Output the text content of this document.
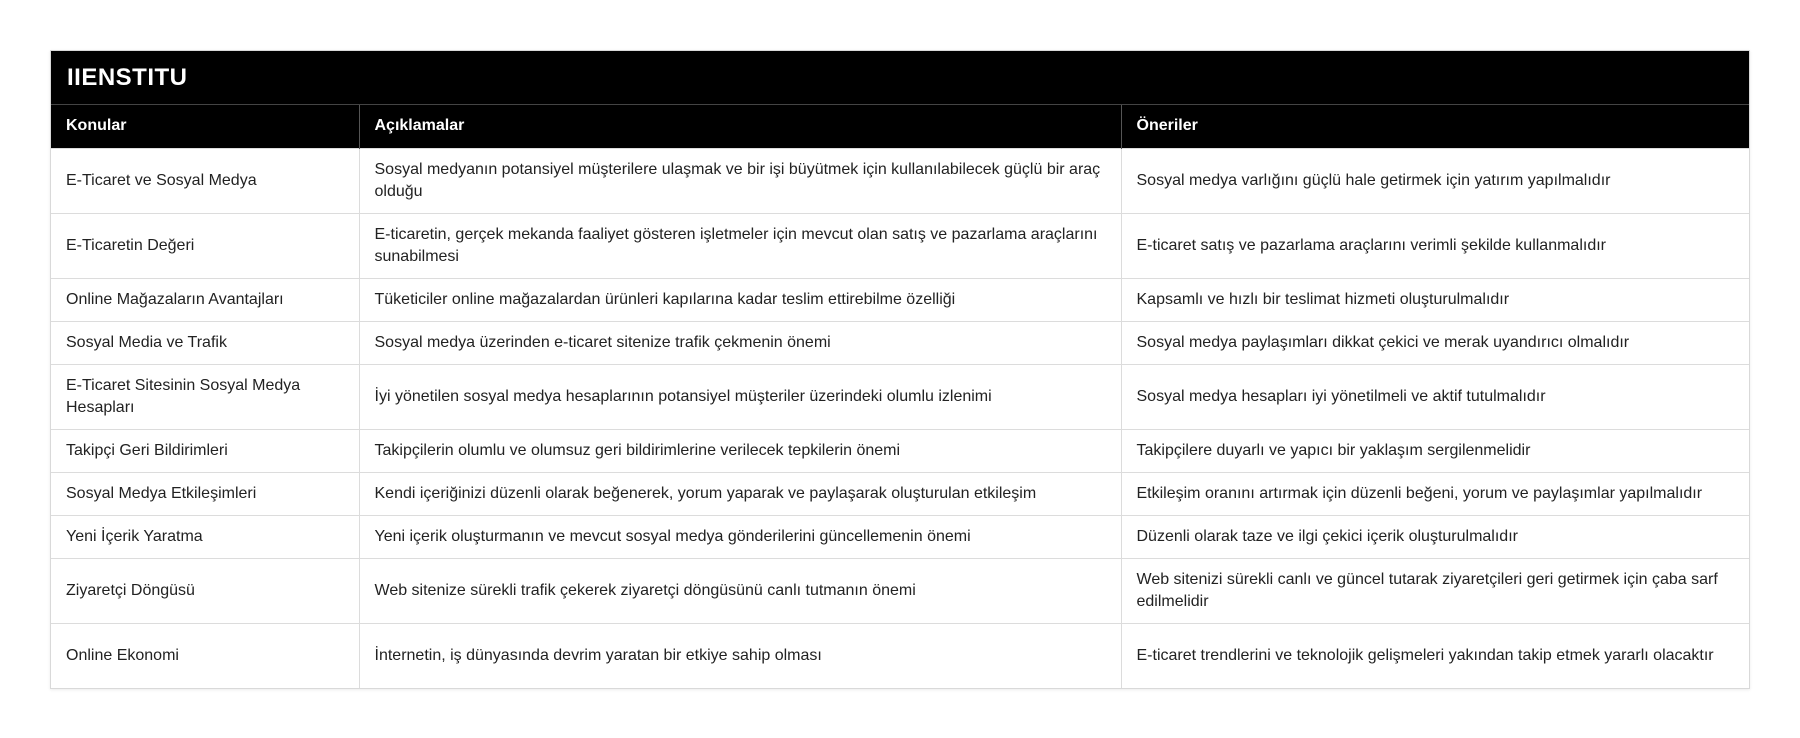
IIENSTITU
Konular	Açıklamalar	Öneriler
E-Ticaret ve Sosyal Medya	Sosyal medyanın potansiyel müşterilere ulaşmak ve bir işi büyütmek için kullanılabilecek güçlü bir araç olduğu	Sosyal medya varlığını güçlü hale getirmek için yatırım yapılmalıdır
E-Ticaretin Değeri	E-ticaretin, gerçek mekanda faaliyet gösteren işletmeler için mevcut olan satış ve pazarlama araçlarını sunabilmesi	E-ticaret satış ve pazarlama araçlarını verimli şekilde kullanmalıdır
Online Mağazaların Avantajları	Tüketiciler online mağazalardan ürünleri kapılarına kadar teslim ettirebilme özelliği	Kapsamlı ve hızlı bir teslimat hizmeti oluşturulmalıdır
Sosyal Media ve Trafik	Sosyal medya üzerinden e-ticaret sitenize trafik çekmenin önemi	Sosyal medya paylaşımları dikkat çekici ve merak uyandırıcı olmalıdır
E-Ticaret Sitesinin Sosyal Medya Hesapları	İyi yönetilen sosyal medya hesaplarının potansiyel müşteriler üzerindeki olumlu izlenimi	Sosyal medya hesapları iyi yönetilmeli ve aktif tutulmalıdır
Takipçi Geri Bildirimleri	Takipçilerin olumlu ve olumsuz geri bildirimlerine verilecek tepkilerin önemi	Takipçilere duyarlı ve yapıcı bir yaklaşım sergilenmelidir
Sosyal Medya Etkileşimleri	Kendi içeriğinizi düzenli olarak beğenerek, yorum yaparak ve paylaşarak oluşturulan etkileşim	Etkileşim oranını artırmak için düzenli beğeni, yorum ve paylaşımlar yapılmalıdır
Yeni İçerik Yaratma	Yeni içerik oluşturmanın ve mevcut sosyal medya gönderilerini güncellemenin önemi	Düzenli olarak taze ve ilgi çekici içerik oluşturulmalıdır
Ziyaretçi Döngüsü	Web sitenize sürekli trafik çekerek ziyaretçi döngüsünü canlı tutmanın önemi	Web sitenizi sürekli canlı ve güncel tutarak ziyaretçileri geri getirmek için çaba sarf edilmelidir
Online Ekonomi	İnternetin, iş dünyasında devrim yaratan bir etkiye sahip olması	E-ticaret trendlerini ve teknolojik gelişmeleri yakından takip etmek yararlı olacaktır
